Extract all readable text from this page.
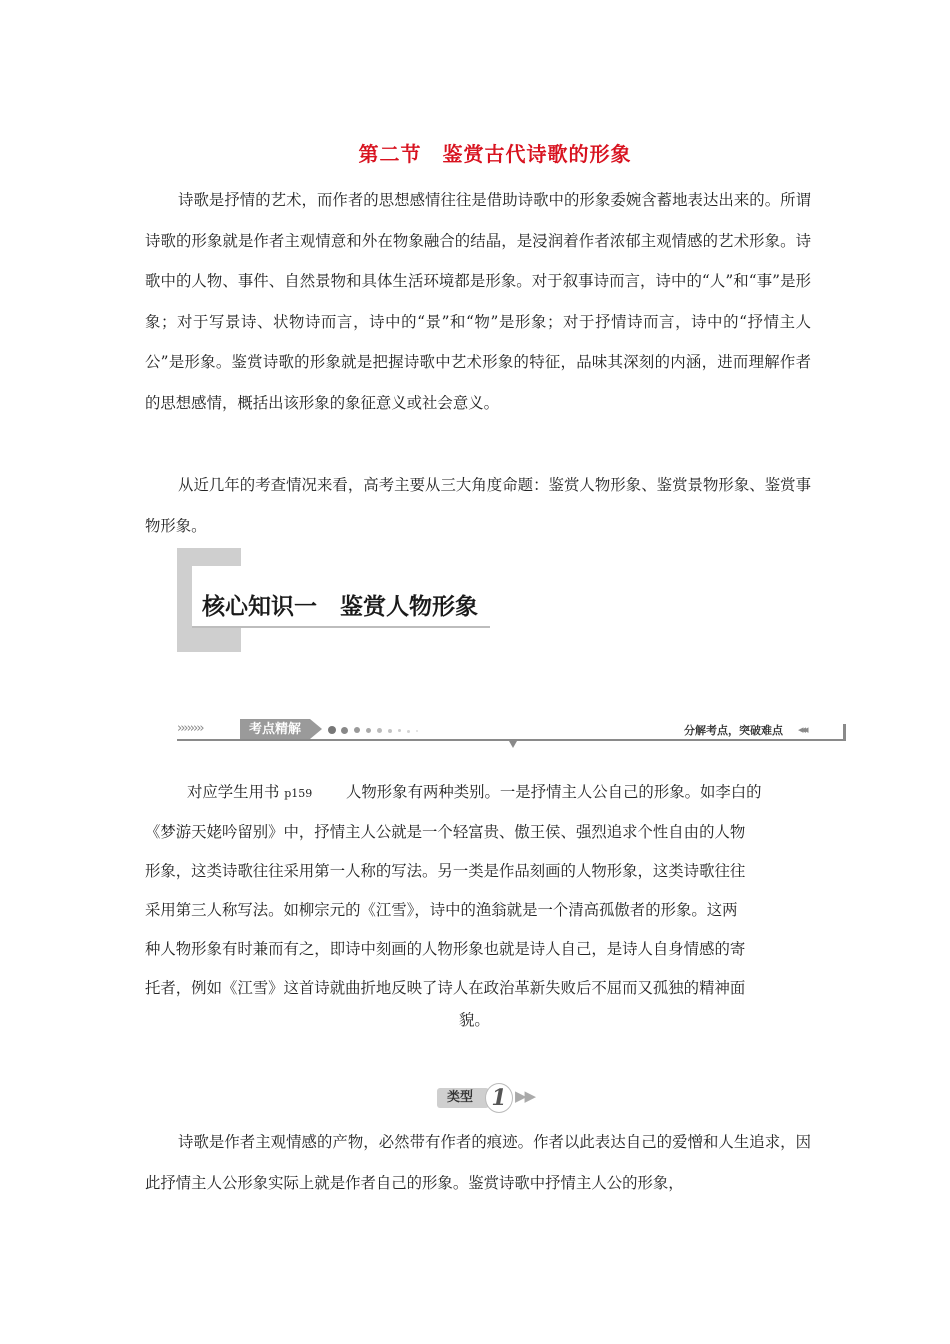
第二节　鉴赏古代诗歌的形象

诗歌是抒情的艺术，而作者的思想感情往往是借助诗歌中的形象委婉含蓄地表达出来的。所谓诗歌的形象就是作者主观情意和外在物象融合的结晶，是浸润着作者浓郁主观情感的艺术形象。诗歌中的人物、事件、自然景物和具体生活环境都是形象。对于叙事诗而言，诗中的“人”和“事”是形象；对于写景诗、状物诗而言，诗中的“景”和“物”是形象；对于抒情诗而言，诗中的“抒情主人公”是形象。鉴赏诗歌的形象就是把握诗歌中艺术形象的特征，品味其深刻的内涵，进而理解作者的思想感情，概括出该形象的象征意义或社会意义。

从近几年的考查情况来看，高考主要从三大角度命题：鉴赏人物形象、鉴赏景物形象、鉴赏事物形象。

核心知识一　鉴赏人物形象
››››››››	考点精解	分解考点，突破难点 ◂◂◂
对应学生用书 p159 人物形象有两种类别。一是抒情主人公自己的形象。如李白的
《梦游天姥吟留别》中，抒情主人公就是一个轻富贵、傲王侯、强烈追求个性自由的人物
形象，这类诗歌往往采用第一人称的写法。另一类是作品刻画的人物形象，这类诗歌往往
采用第三人称写法。如柳宗元的《江雪》，诗中的渔翁就是一个清高孤傲者的形象。这两
种人物形象有时兼而有之，即诗中刻画的人物形象也就是诗人自己，是诗人自身情感的寄
托者，例如《江雪》这首诗就曲折地反映了诗人在政治革新失败后不屈而又孤独的精神面
貌。
类型 1 ▶▶

诗歌是作者主观情感的产物，必然带有作者的痕迹。作者以此表达自己的爱憎和人生追求，因此抒情主人公形象实际上就是作者自己的形象。鉴赏诗歌中抒情主人公的形象，
